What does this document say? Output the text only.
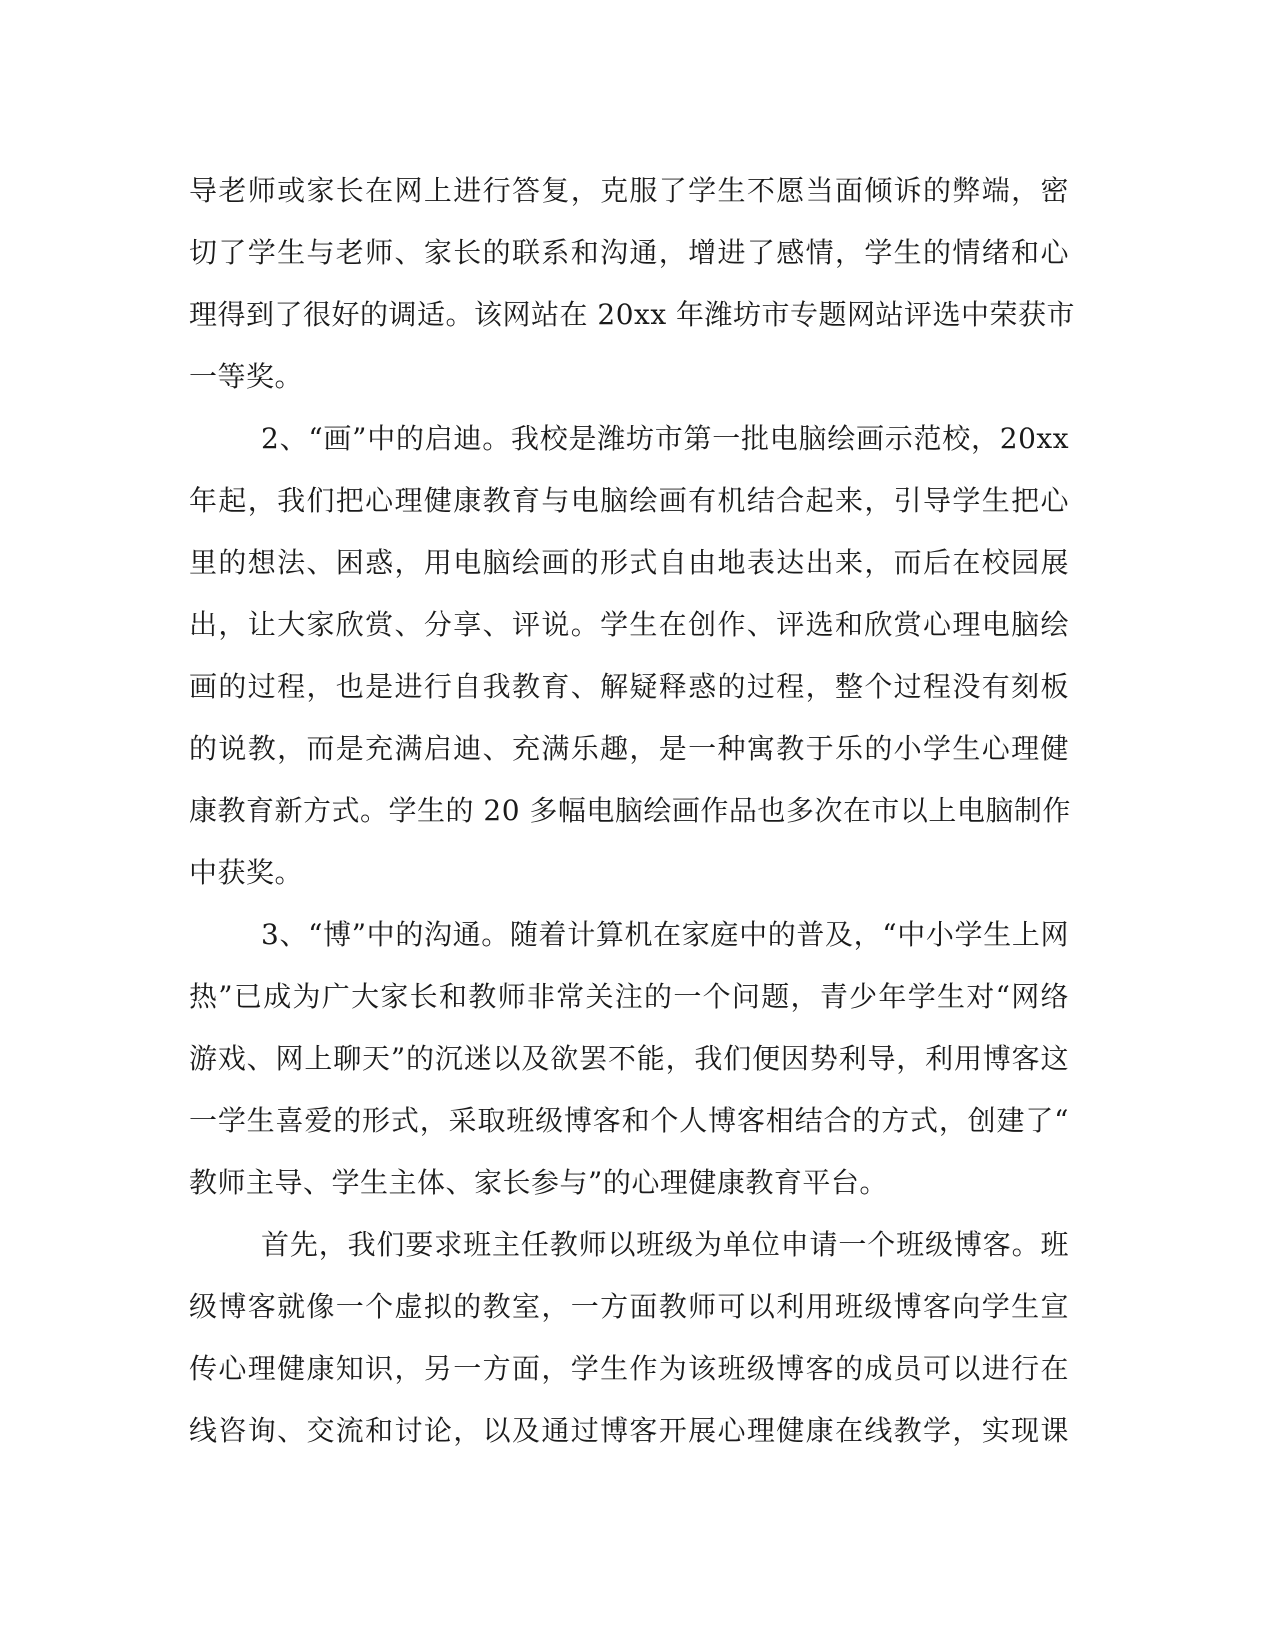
导老师或家长在网上进行答复，克服了学生不愿当面倾诉的弊端，密
切了学生与老师、家长的联系和沟通，增进了感情，学生的情绪和心
理得到了很好的调适。该网站在 20xx 年潍坊市专题网站评选中荣获市
一等奖。
2、“画”中的启迪。我校是潍坊市第一批电脑绘画示范校，20xx
年起，我们把心理健康教育与电脑绘画有机结合起来，引导学生把心
里的想法、困惑，用电脑绘画的形式自由地表达出来，而后在校园展
出，让大家欣赏、分享、评说。学生在创作、评选和欣赏心理电脑绘
画的过程，也是进行自我教育、解疑释惑的过程，整个过程没有刻板
的说教，而是充满启迪、充满乐趣，是一种寓教于乐的小学生心理健
康教育新方式。学生的 20 多幅电脑绘画作品也多次在市以上电脑制作
中获奖。
3、“博”中的沟通。随着计算机在家庭中的普及，“中小学生上网
热”已成为广大家长和教师非常关注的一个问题，青少年学生对“网络
游戏、网上聊天”的沉迷以及欲罢不能，我们便因势利导，利用博客这
一学生喜爱的形式，采取班级博客和个人博客相结合的方式，创建了“
教师主导、学生主体、家长参与”的心理健康教育平台。
首先，我们要求班主任教师以班级为单位申请一个班级博客。班
级博客就像一个虚拟的教室，一方面教师可以利用班级博客向学生宣
传心理健康知识，另一方面，学生作为该班级博客的成员可以进行在
线咨询、交流和讨论，以及通过博客开展心理健康在线教学，实现课
